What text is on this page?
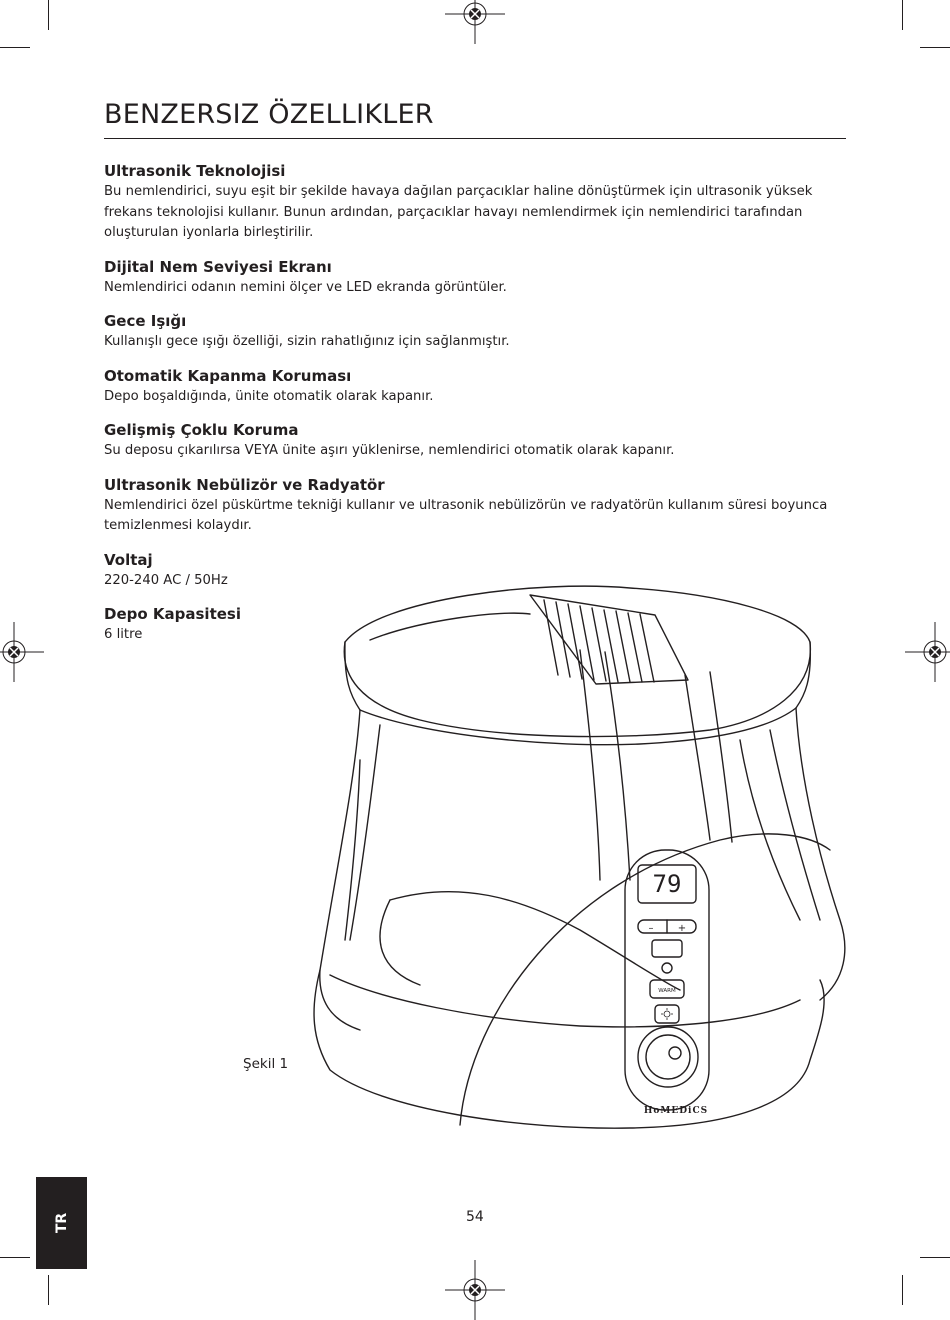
BENZERSIZ ÖZELLIKLER

Ultrasonik Teknolojisi

Bu nemlendirici, suyu eşit bir şekilde havaya dağılan parçacıklar haline dönüştürmek için ultrasonik yüksek
frekans teknolojisi kullanır. Bunun ardından, parçacıklar havayı nemlendirmek için nemlendirici tarafından
oluşturulan iyonlarla birleştirilir.

Dijital Nem Seviyesi Ekranı

Nemlendirici odanın nemini ölçer ve LED ekranda görüntüler.

Gece Işığı

Kullanışlı gece ışığı özelliği, sizin rahatlığınız için sağlanmıştır.

Otomatik Kapanma Koruması

Depo boşaldığında, ünite otomatik olarak kapanır.

Gelişmiş Çoklu Koruma

Su deposu çıkarılırsa VEYA ünite aşırı yüklenirse, nemlendirici otomatik olarak kapanır.

Ultrasonik Nebülizör ve Radyatör

Nemlendirici özel püskürtme tekniği kullanır ve ultrasonik nebülizörün ve radyatörün kullanım süresi boyunca
temizlenmesi kolaydır.

Voltaj

220-240 AC / 50Hz

Depo Kapasitesi

6 litre

79
– +
WARM
HoMEDiCS
Şekil 1
54
TR
